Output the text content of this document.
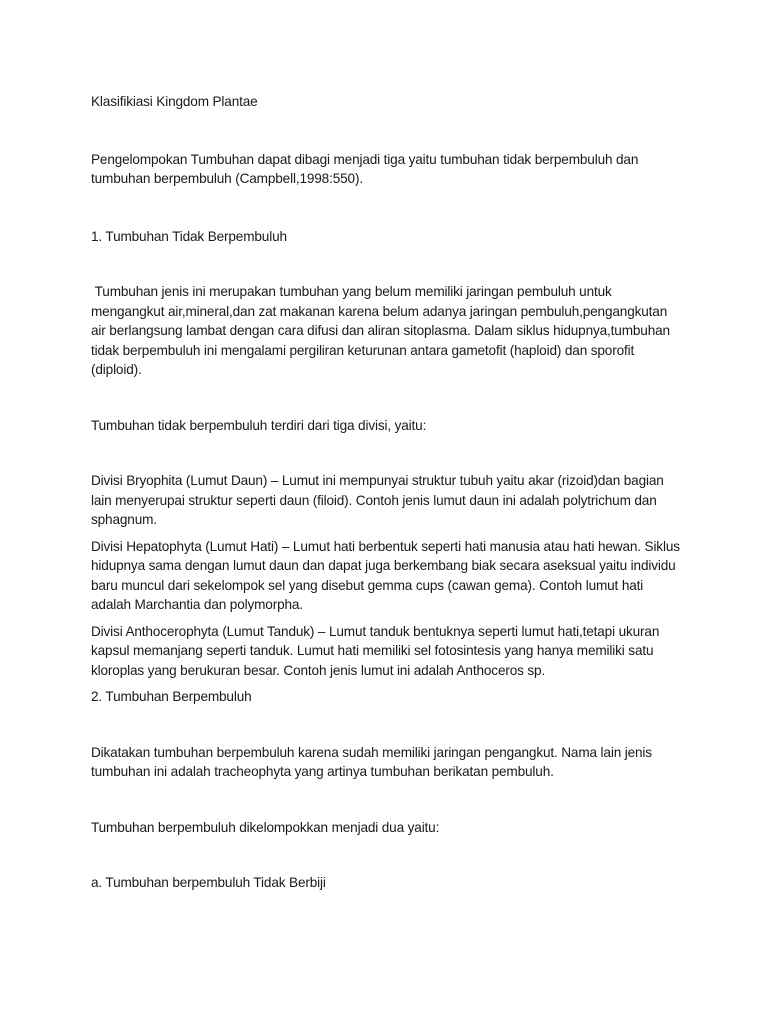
Klasifikiasi Kingdom Plantae

Pengelompokan Tumbuhan dapat dibagi menjadi tiga yaitu tumbuhan tidak berpembuluh dan tumbuhan berpembuluh (Campbell,1998:550).

1. Tumbuhan Tidak Berpembuluh

Tumbuhan jenis ini merupakan tumbuhan yang belum memiliki jaringan pembuluh untuk mengangkut air,mineral,dan zat makanan karena belum adanya jaringan pembuluh,pengangkutan air berlangsung lambat dengan cara difusi dan aliran sitoplasma. Dalam siklus hidupnya,tumbuhan tidak berpembuluh ini mengalami pergiliran keturunan antara gametofit (haploid) dan sporofit (diploid).

Tumbuhan tidak berpembuluh terdiri dari tiga divisi, yaitu:

Divisi Bryophita (Lumut Daun) – Lumut ini mempunyai struktur tubuh yaitu akar (rizoid)dan bagian lain menyerupai struktur seperti daun (filoid). Contoh jenis lumut daun ini adalah polytrichum dan sphagnum.

Divisi Hepatophyta (Lumut Hati) – Lumut hati berbentuk seperti hati manusia atau hati hewan. Siklus hidupnya sama dengan lumut daun dan dapat juga berkembang biak secara aseksual yaitu individu baru muncul dari sekelompok sel yang disebut gemma cups (cawan gema). Contoh lumut hati adalah Marchantia dan polymorpha.

Divisi Anthocerophyta (Lumut Tanduk) – Lumut tanduk bentuknya seperti lumut hati,tetapi ukuran kapsul memanjang seperti tanduk. Lumut hati memiliki sel fotosintesis yang hanya memiliki satu kloroplas yang berukuran besar. Contoh jenis lumut ini adalah Anthoceros sp.

2. Tumbuhan Berpembuluh

Dikatakan tumbuhan berpembuluh karena sudah memiliki jaringan pengangkut. Nama lain jenis tumbuhan ini adalah tracheophyta yang artinya tumbuhan berikatan pembuluh.

Tumbuhan berpembuluh dikelompokkan menjadi dua yaitu:

a. Tumbuhan berpembuluh Tidak Berbiji
